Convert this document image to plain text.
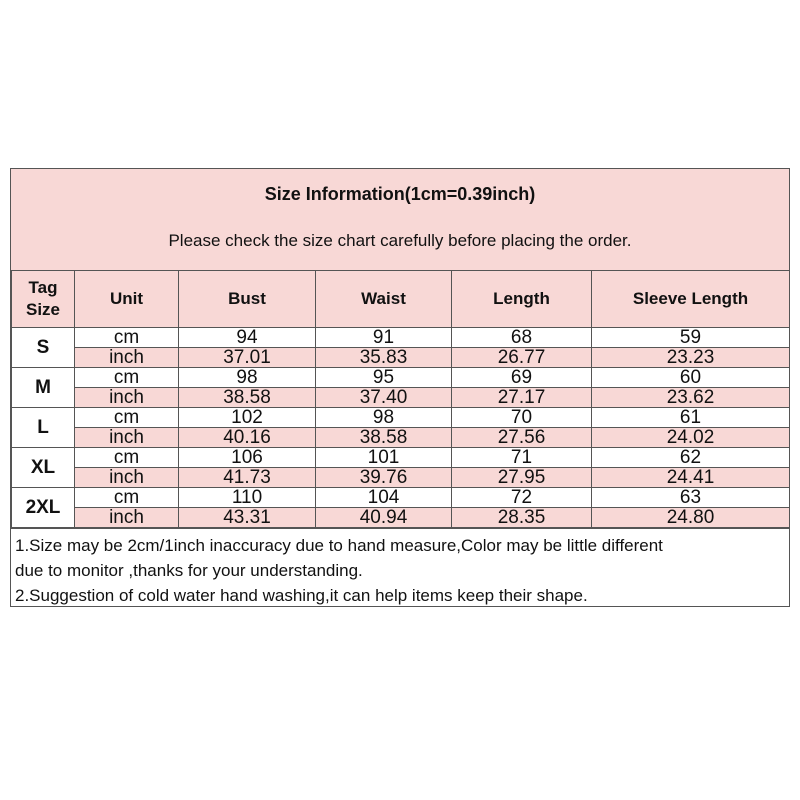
Size Information(1cm=0.39inch)
Please check the size chart carefully before placing the order.
Tag
Size	Unit	Bust	Waist	Length	Sleeve Length
S	cm	94	91	68	59
	inch	37.01	35.83	26.77	23.23
M	cm	98	95	69	60
	inch	38.58	37.40	27.17	23.62
L	cm	102	98	70	61
	inch	40.16	38.58	27.56	24.02
XL	cm	106	101	71	62
	inch	41.73	39.76	27.95	24.41
2XL	cm	110	104	72	63
	inch	43.31	40.94	28.35	24.80
1.Size may be 2cm/1inch inaccuracy due to hand measure,Color may be little different
due to monitor ,thanks for your understanding.
2.Suggestion of cold water hand washing,it can help items keep their shape.
